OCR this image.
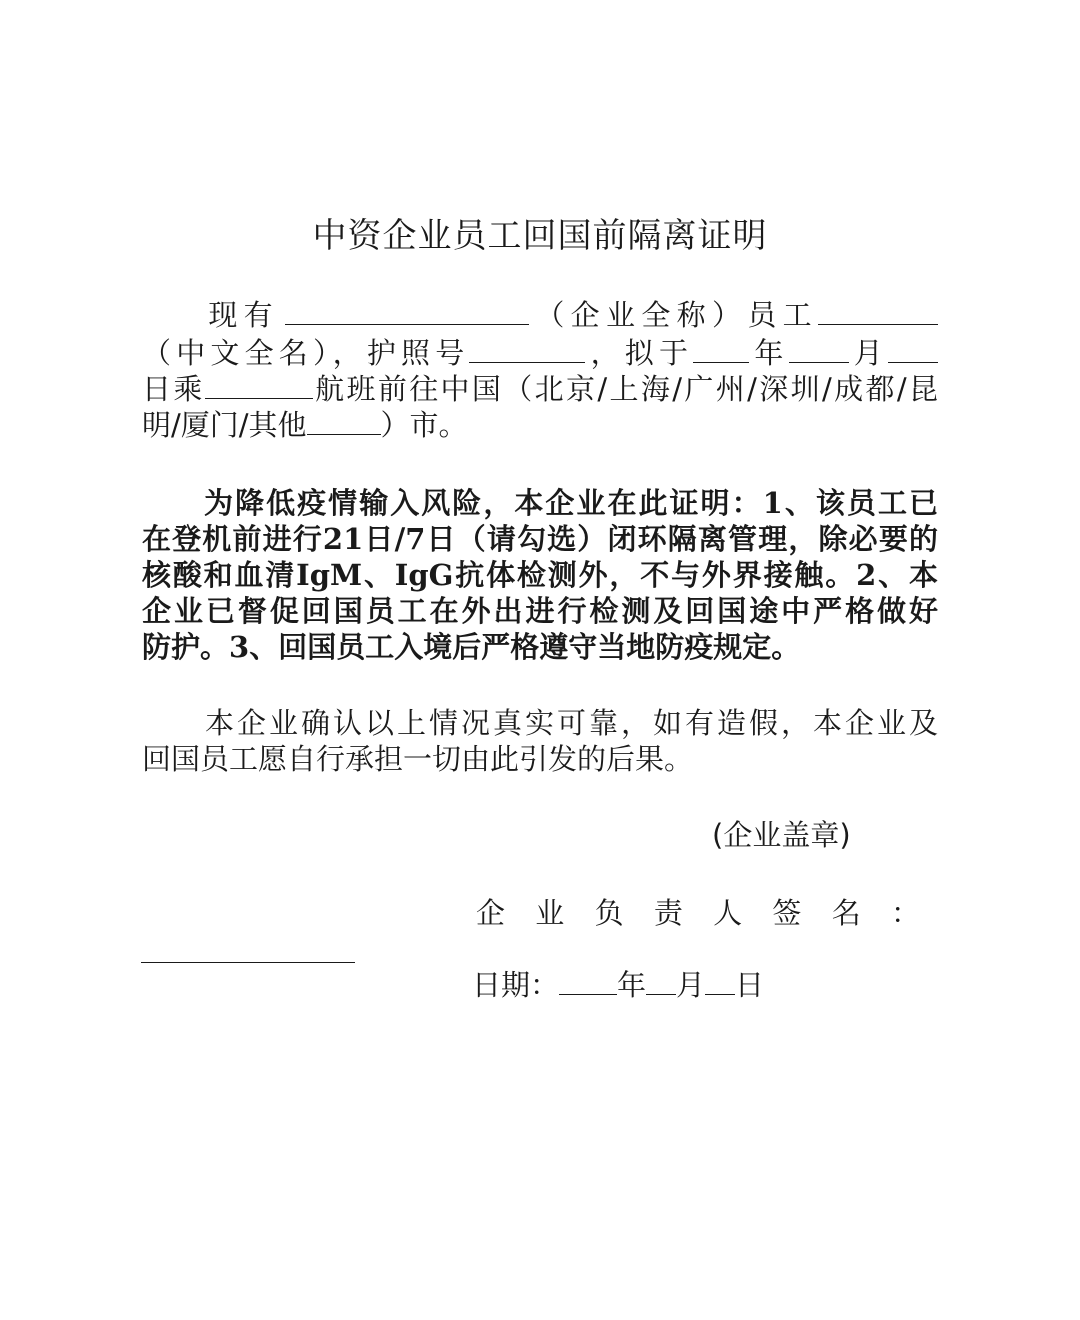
中资企业员工回国前隔离证明
现有	（企业全称）员工
（中文全名），护照号	，拟于 年 月
日乘	航班前往中国（北京/上海/广州/深圳/成都/昆
明/厦门/其他	）市。
为降低疫情输入风险，本企业在此证明：1、该员工已
在登机前进行21日/7日（请勾选）闭环隔离管理，除必要的
核酸和血清IgM、IgG抗体检测外，不与外界接触。2、本
企业已督促回国员工在外出进行检测及回国途中严格做好
防护。3、回国员工入境后严格遵守当地防疫规定。
本企业确认以上情况真实可靠，如有造假，本企业及
回国员工愿自行承担一切由此引发的后果。
(企业盖章)
企业负责人签名：
日期： 年 月 日
